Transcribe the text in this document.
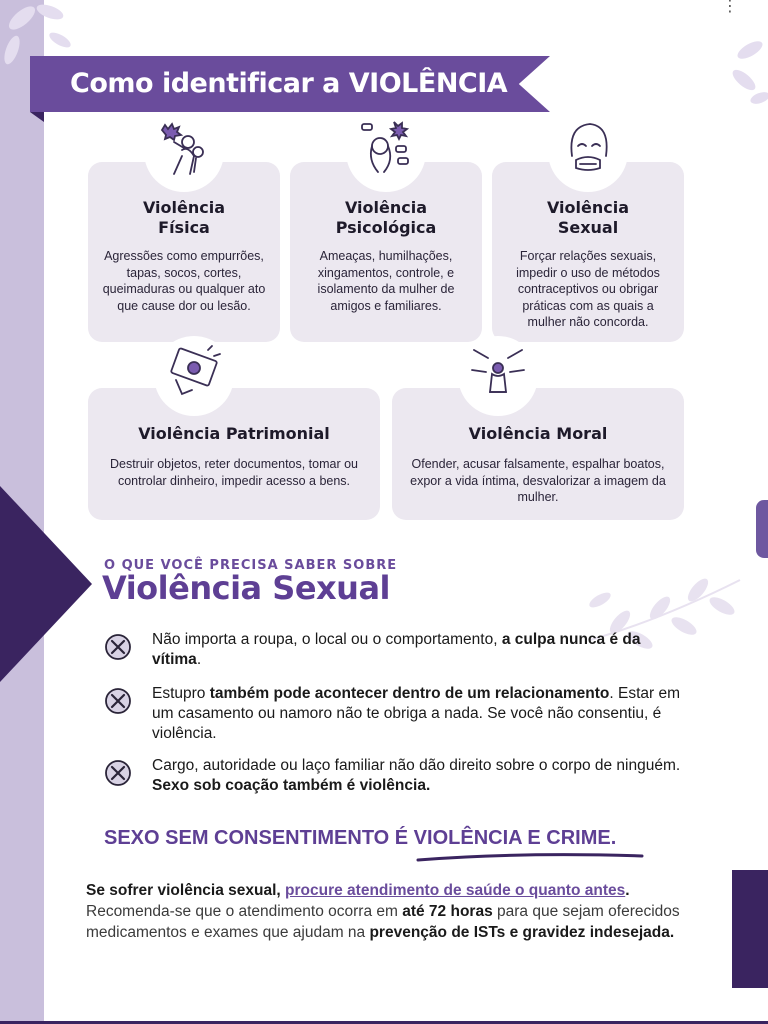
⋮
Como identificar a VIOLÊNCIA
Violência
Física
Agressões como empurrões, tapas, socos, cortes, queimaduras ou qualquer ato que cause dor ou lesão.
Violência
Psicológica
Ameaças, humilhações, xingamentos, controle, e isolamento da mulher de amigos e familiares.
Violência
Sexual
Forçar relações sexuais, impedir o uso de métodos contraceptivos ou obrigar práticas com as quais a mulher não concorda.
Violência Patrimonial
Destruir objetos, reter documentos, tomar ou controlar dinheiro, impedir acesso a bens.
Violência Moral
Ofender, acusar falsamente, espalhar boatos, expor a vida íntima, desvalorizar a imagem da mulher.
O QUE VOCÊ PRECISA SABER SOBRE
Violência Sexual
Não importa a roupa, o local ou o comportamento, a culpa nunca é da vítima.
Estupro também pode acontecer dentro de um relacionamento. Estar em um casamento ou namoro não te obriga a nada. Se você não consentiu, é violência.
Cargo, autoridade ou laço familiar não dão direito sobre o corpo de ninguém. Sexo sob coação também é violência.
SEXO SEM CONSENTIMENTO É VIOLÊNCIA E CRIME.
Se sofrer violência sexual, procure atendimento de saúde o quanto antes. Recomenda-se que o atendimento ocorra em até 72 horas para que sejam oferecidos medicamentos e exames que ajudam na prevenção de ISTs e gravidez indesejada.
